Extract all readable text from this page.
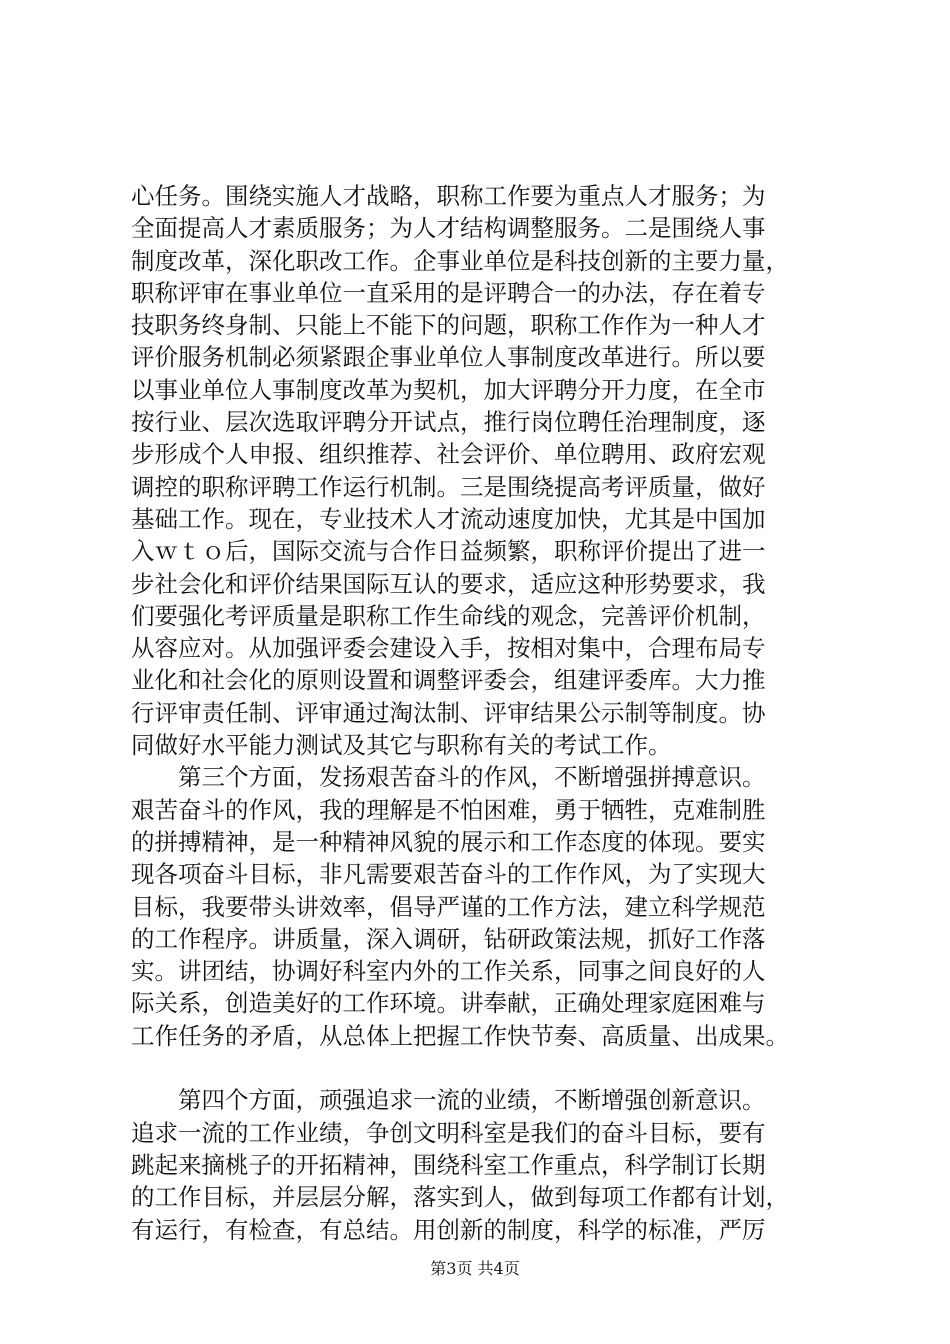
心任务。围绕实施人才战略，职称工作要为重点人才服务；为
全面提高人才素质服务；为人才结构调整服务。二是围绕人事
制度改革，深化职改工作。企事业单位是科技创新的主要力量，
职称评审在事业单位一直采用的是评聘合一的办法，存在着专
技职务终身制、只能上不能下的问题，职称工作作为一种人才
评价服务机制必须紧跟企事业单位人事制度改革进行。所以要
以事业单位人事制度改革为契机，加大评聘分开力度，在全市
按行业、层次选取评聘分开试点，推行岗位聘任治理制度，逐
步形成个人申报、组织推荐、社会评价、单位聘用、政府宏观
调控的职称评聘工作运行机制。三是围绕提高考评质量，做好
基础工作。现在，专业技术人才流动速度加快，尤其是中国加
入ｗｔｏ后，国际交流与合作日益频繁，职称评价提出了进一
步社会化和评价结果国际互认的要求，适应这种形势要求，我
们要强化考评质量是职称工作生命线的观念，完善评价机制，
从容应对。从加强评委会建设入手，按相对集中，合理布局专
业化和社会化的原则设置和调整评委会，组建评委库。大力推
行评审责任制、评审通过淘汰制、评审结果公示制等制度。协
同做好水平能力测试及其它与职称有关的考试工作。
　　第三个方面，发扬艰苦奋斗的作风，不断增强拼搏意识。
艰苦奋斗的作风，我的理解是不怕困难，勇于牺牲，克难制胜
的拼搏精神，是一种精神风貌的展示和工作态度的体现。要实
现各项奋斗目标，非凡需要艰苦奋斗的工作作风，为了实现大
目标，我要带头讲效率，倡导严谨的工作方法，建立科学规范
的工作程序。讲质量，深入调研，钻研政策法规，抓好工作落
实。讲团结，协调好科室内外的工作关系，同事之间良好的人
际关系，创造美好的工作环境。讲奉献，正确处理家庭困难与
工作任务的矛盾，从总体上把握工作快节奏、高质量、出成果。
　　第四个方面，顽强追求一流的业绩，不断增强创新意识。
追求一流的工作业绩，争创文明科室是我们的奋斗目标，要有
跳起来摘桃子的开拓精神，围绕科室工作重点，科学制订长期
的工作目标，并层层分解，落实到人，做到每项工作都有计划，
有运行，有检查，有总结。用创新的制度，科学的标准，严厉
第3页 共4页
